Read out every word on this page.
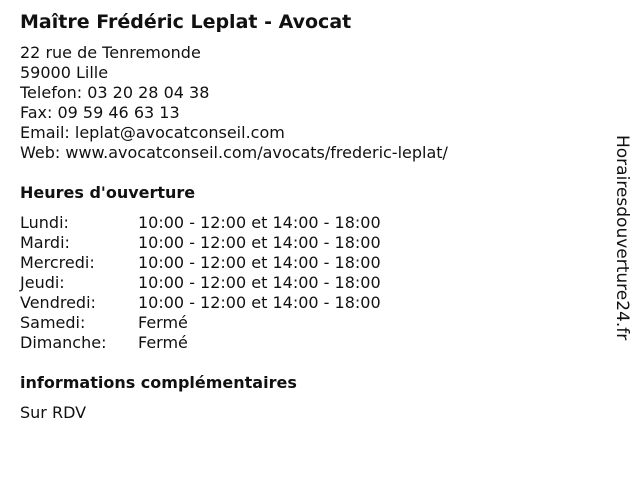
Maître Frédéric Leplat - Avocat
22 rue de Tenremonde
59000 Lille
Telefon: 03 20 28 04 38
Fax: 09 59 46 63 13
Email: leplat@avocatconseil.com
Web: www.avocatconseil.com/avocats/frederic-leplat/
Heures d'ouverture
Lundi:	10:00 - 12:00 et 14:00 - 18:00
Mardi:	10:00 - 12:00 et 14:00 - 18:00
Mercredi:	10:00 - 12:00 et 14:00 - 18:00
Jeudi:	10:00 - 12:00 et 14:00 - 18:00
Vendredi:	10:00 - 12:00 et 14:00 - 18:00
Samedi:	Fermé
Dimanche:	Fermé
informations complémentaires
Sur RDV
Horairesdouverture24.fr
